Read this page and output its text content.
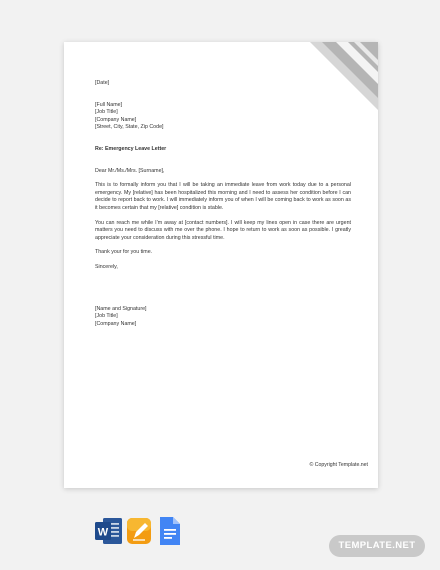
[Date]

[Full Name]

[Job Title]

[Company Name]

[Street, City, State, Zip Code]

Re: Emergency Leave Letter

Dear Mr./Ms./Mrs. [Surname],

This is to formally inform you that I will be taking an immediate leave from work today due to a personal emergency. My [relative] has been hospitalized this morning and I need to assess her condition before I can decide to report back to work. I will immediately inform you of when I will be coming back to work as soon as it becomes certain that my [relative] condition is stable.

You can reach me while I’m away at [contact numbers]. I will keep my lines open in case there are urgent matters you need to discuss with me over the phone. I hope to return to work as soon as possible. I greatly appreciate your consideration during this stressful time.

Thank your for you time.

Sincerely,

[Name and Signature]

[Job Title]

[Company Name]

© Copyright Template.net
W
TEMPLATE.NET
